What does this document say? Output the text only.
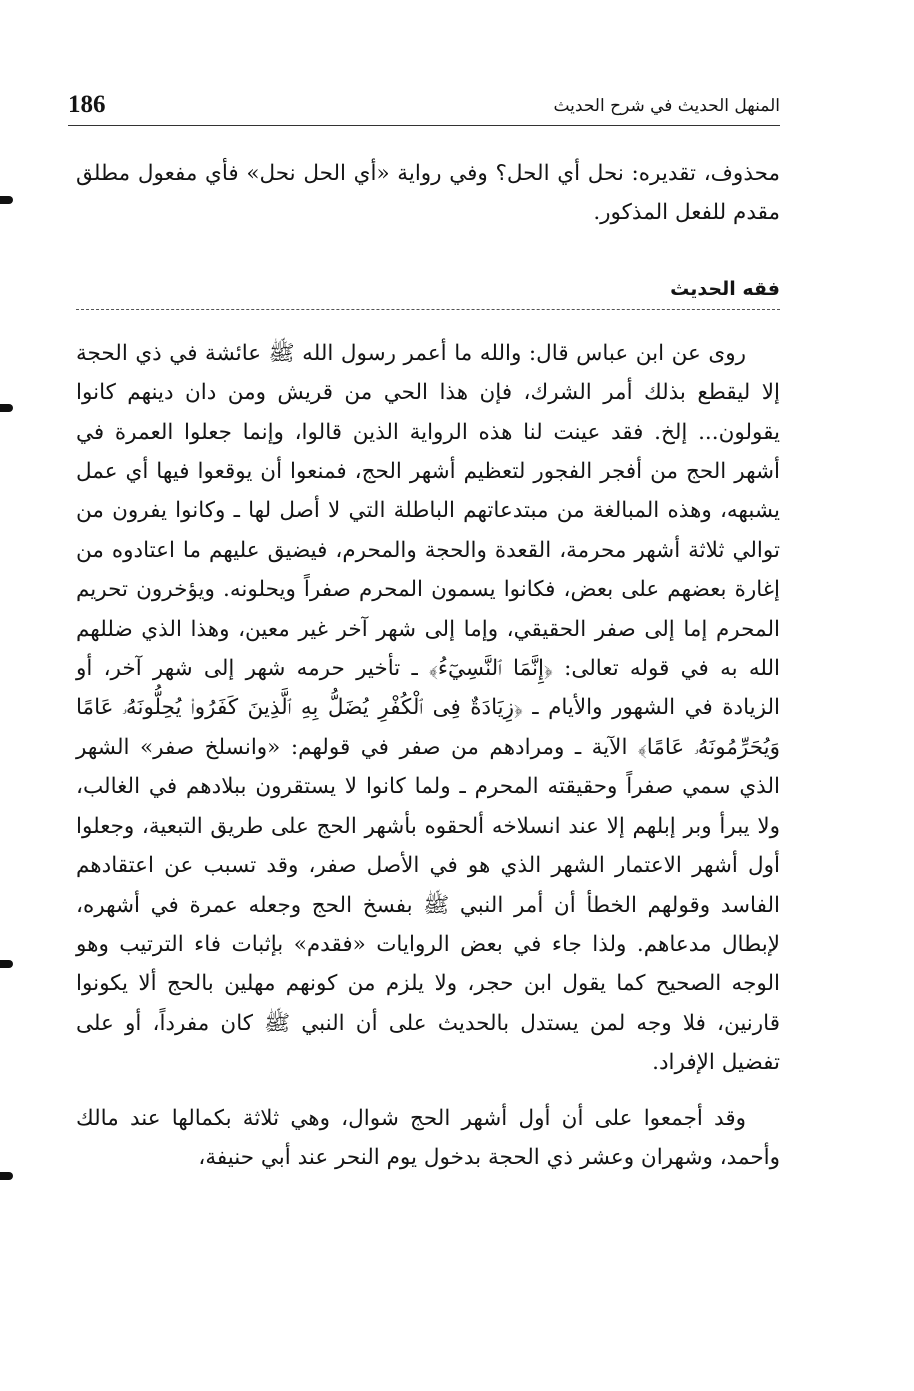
186	المنهل الحديث في شرح الحديث

محذوف، تقديره: نحل أي الحل؟ وفي رواية «أي الحل نحل» فأي مفعول مطلق مقدم للفعل المذكور.

فقه الحديث

روى عن ابن عباس قال: والله ما أعمر رسول الله ﷺ عائشة في ذي الحجة إلا ليقطع بذلك أمر الشرك، فإن هذا الحي من قريش ومن دان دينهم كانوا يقولون... إلخ. فقد عينت لنا هذه الرواية الذين قالوا، وإنما جعلوا العمرة في أشهر الحج من أفجر الفجور لتعظيم أشهر الحج، فمنعوا أن يوقعوا فيها أي عمل يشبهه، وهذه المبالغة من مبتدعاتهم الباطلة التي لا أصل لها ـ وكانوا يفرون من توالي ثلاثة أشهر محرمة، القعدة والحجة والمحرم، فيضيق عليهم ما اعتادوه من إغارة بعضهم على بعض، فكانوا يسمون المحرم صفراً ويحلونه. ويؤخرون تحريم المحرم إما إلى صفر الحقيقي، وإما إلى شهر آخر غير معين، وهذا الذي ضللهم الله به في قوله تعالى: ﴿إِنَّمَا ٱلنَّسِيٓءُ﴾ ـ تأخير حرمه شهر إلى شهر آخر، أو الزيادة في الشهور والأيام ـ ﴿زِيَادَةٌ فِى ٱلْكُفْرِ يُضَلُّ بِهِ ٱلَّذِينَ كَفَرُوا۟ يُحِلُّونَهُۥ عَامًا وَيُحَرِّمُونَهُۥ عَامًا﴾ الآية ـ ومرادهم من صفر في قولهم: «وانسلخ صفر» الشهر الذي سمي صفراً وحقيقته المحرم ـ ولما كانوا لا يستقرون ببلادهم في الغالب، ولا يبرأ وبر إبلهم إلا عند انسلاخه ألحقوه بأشهر الحج على طريق التبعية، وجعلوا أول أشهر الاعتمار الشهر الذي هو في الأصل صفر، وقد تسبب عن اعتقادهم الفاسد وقولهم الخطأ أن أمر النبي ﷺ بفسخ الحج وجعله عمرة في أشهره، لإبطال مدعاهم. ولذا جاء في بعض الروايات «فقدم» بإثبات فاء الترتيب وهو الوجه الصحيح كما يقول ابن حجر، ولا يلزم من كونهم مهلين بالحج ألا يكونوا قارنين، فلا وجه لمن يستدل بالحديث على أن النبي ﷺ كان مفرداً، أو على تفضيل الإفراد.

وقد أجمعوا على أن أول أشهر الحج شوال، وهي ثلاثة بكمالها عند مالك وأحمد، وشهران وعشر ذي الحجة بدخول يوم النحر عند أبي حنيفة،
